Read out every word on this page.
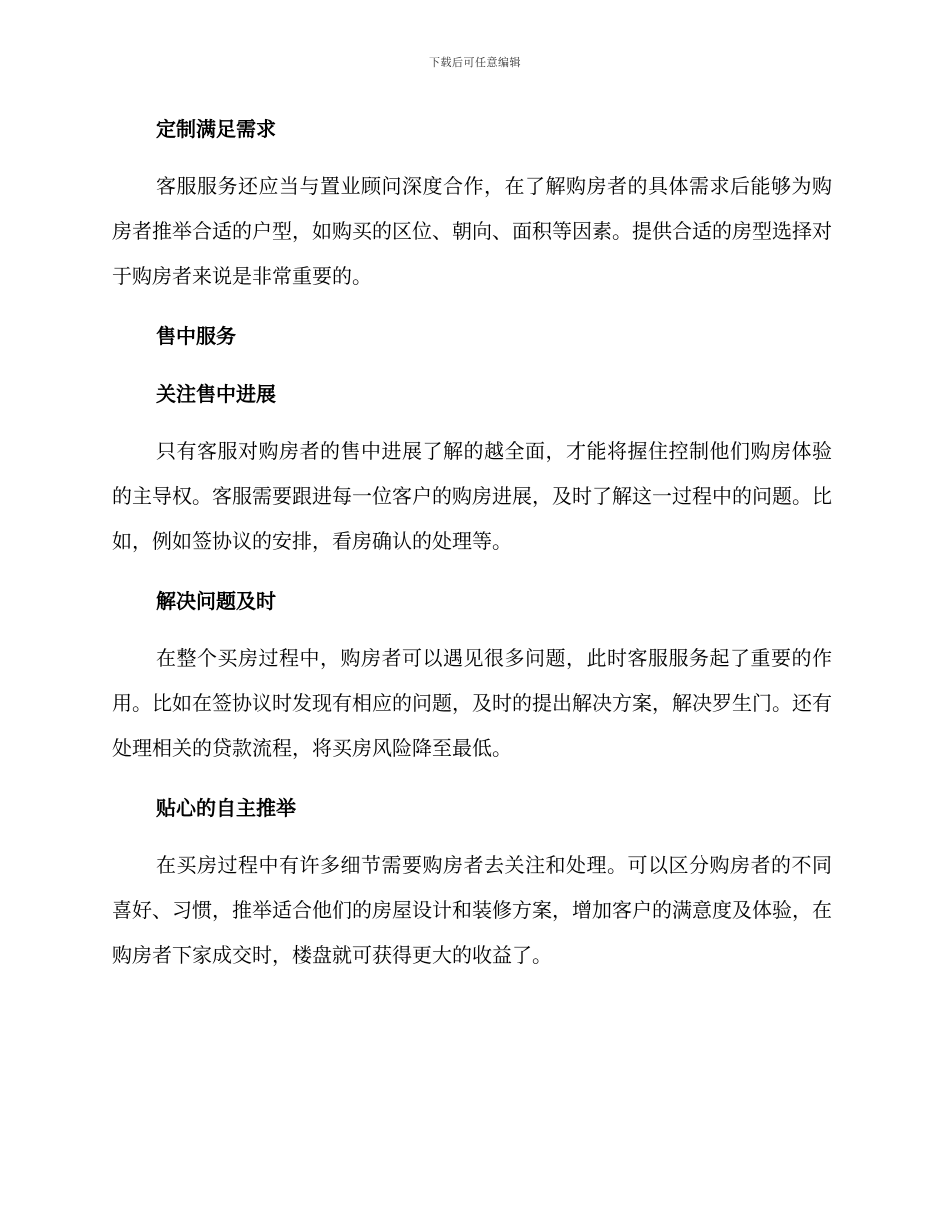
下载后可任意编辑
定制满足需求

客服服务还应当与置业顾问深度合作，在了解购房者的具体需求后能够为购房者推举合适的户型，如购买的区位、朝向、面积等因素。提供合适的房型选择对于购房者来说是非常重要的。

售中服务
关注售中进展

只有客服对购房者的售中进展了解的越全面，才能将握住控制他们购房体验的主导权。客服需要跟进每一位客户的购房进展，及时了解这一过程中的问题。比如，例如签协议的安排，看房确认的处理等。

解决问题及时

在整个买房过程中，购房者可以遇见很多问题，此时客服服务起了重要的作用。比如在签协议时发现有相应的问题，及时的提出解决方案，解决罗生门。还有处理相关的贷款流程，将买房风险降至最低。

贴心的自主推举

在买房过程中有许多细节需要购房者去关注和处理。可以区分购房者的不同喜好、习惯，推举适合他们的房屋设计和装修方案，增加客户的满意度及体验，在购房者下家成交时，楼盘就可获得更大的收益了。
